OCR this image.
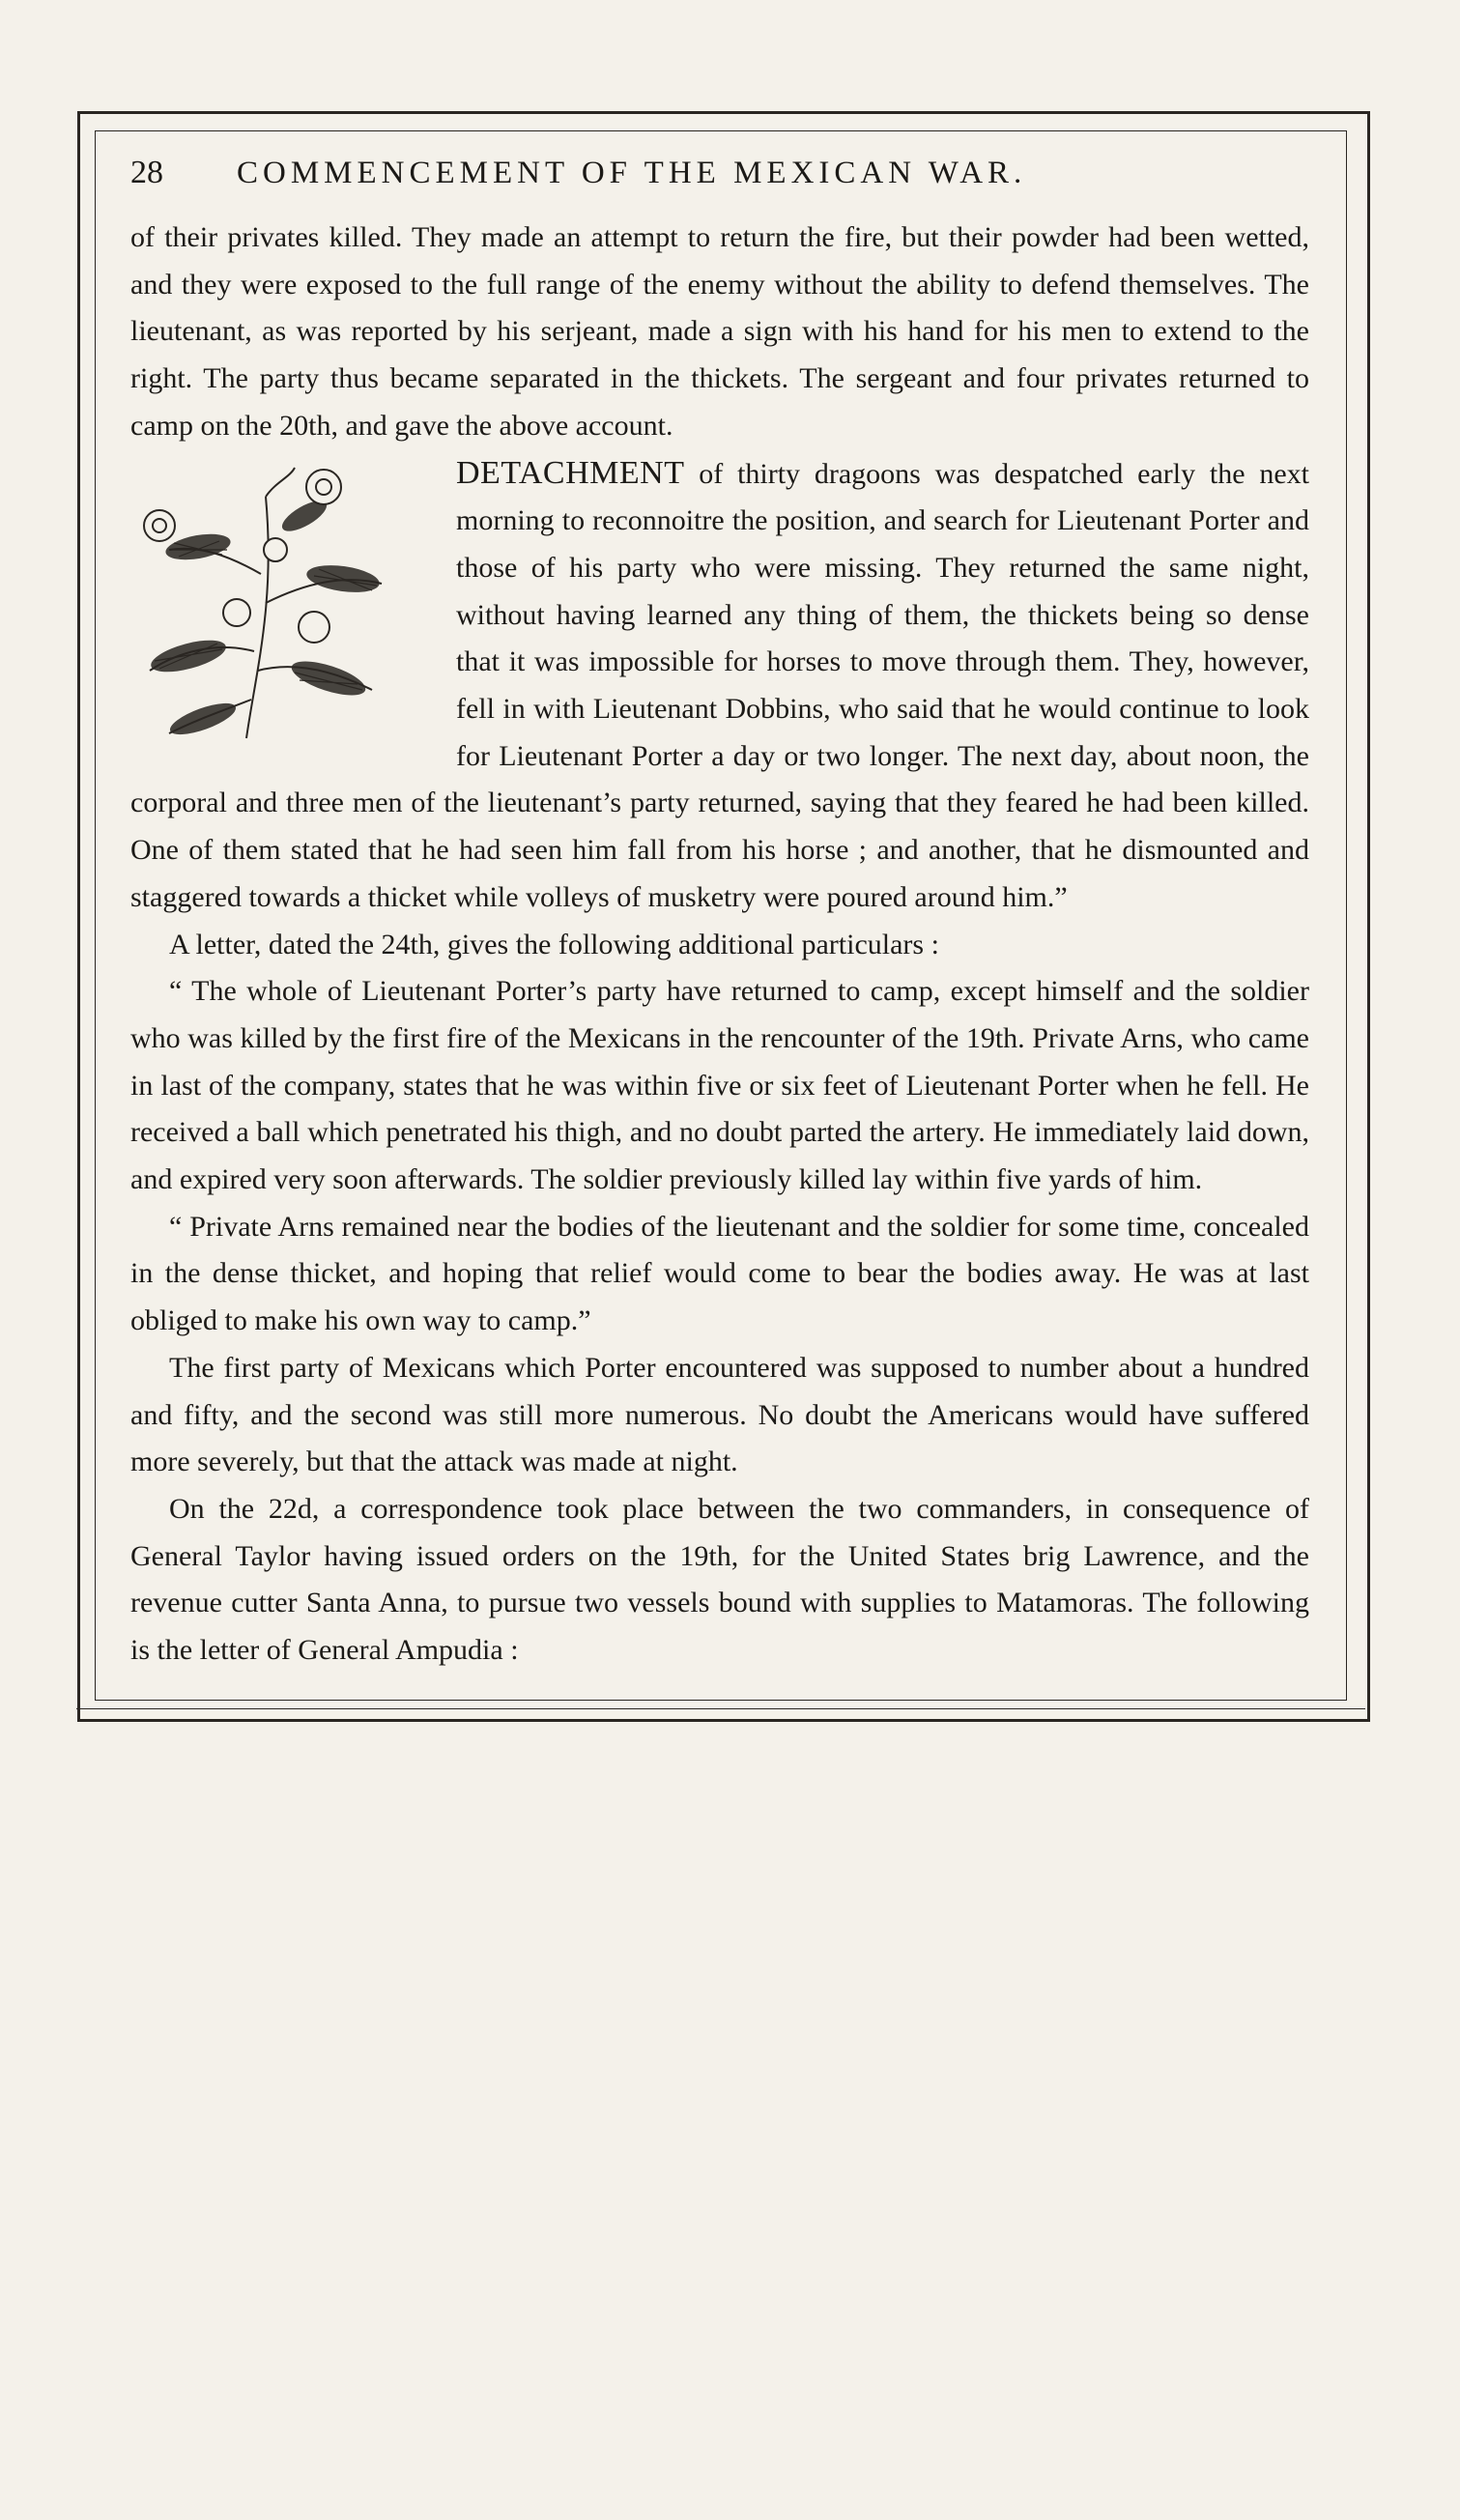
28	COMMENCEMENT OF THE MEXICAN WAR.

of their privates killed. They made an attempt to return the fire, but their powder had been wetted, and they were exposed to the full range of the enemy without the ability to defend themselves. The lieutenant, as was reported by his serjeant, made a sign with his hand for his men to extend to the right. The party thus became separated in the thickets. The sergeant and four privates returned to camp on the 20th, and gave the above account.

DETACHMENT of thirty dragoons was despatched early the next morning to reconnoitre the position, and search for Lieutenant Porter and those of his party who were missing. They returned the same night, without having learned any thing of them, the thickets being so dense that it was impossible for horses to move through them. They, however, fell in with Lieutenant Dobbins, who said that he would continue to look for Lieutenant Porter a day or two longer. The next day, about noon, the corporal and three men of the lieutenant’s party returned, saying that they feared he had been killed. One of them stated that he had seen him fall from his horse ; and another, that he dismounted and staggered towards a thicket while volleys of musketry were poured around him.”

A letter, dated the 24th, gives the following additional particulars :

“ The whole of Lieutenant Porter’s party have returned to camp, except himself and the soldier who was killed by the first fire of the Mexicans in the rencounter of the 19th. Private Arns, who came in last of the company, states that he was within five or six feet of Lieutenant Porter when he fell. He received a ball which penetrated his thigh, and no doubt parted the artery. He immediately laid down, and expired very soon afterwards. The soldier previously killed lay within five yards of him.

“ Private Arns remained near the bodies of the lieutenant and the soldier for some time, concealed in the dense thicket, and hoping that relief would come to bear the bodies away. He was at last obliged to make his own way to camp.”

The first party of Mexicans which Porter encountered was supposed to number about a hundred and fifty, and the second was still more numerous. No doubt the Americans would have suffered more severely, but that the attack was made at night.

On the 22d, a correspondence took place between the two commanders, in consequence of General Taylor having issued orders on the 19th, for the United States brig Lawrence, and the revenue cutter Santa Anna, to pursue two vessels bound with supplies to Matamoras. The following is the letter of General Ampudia :
